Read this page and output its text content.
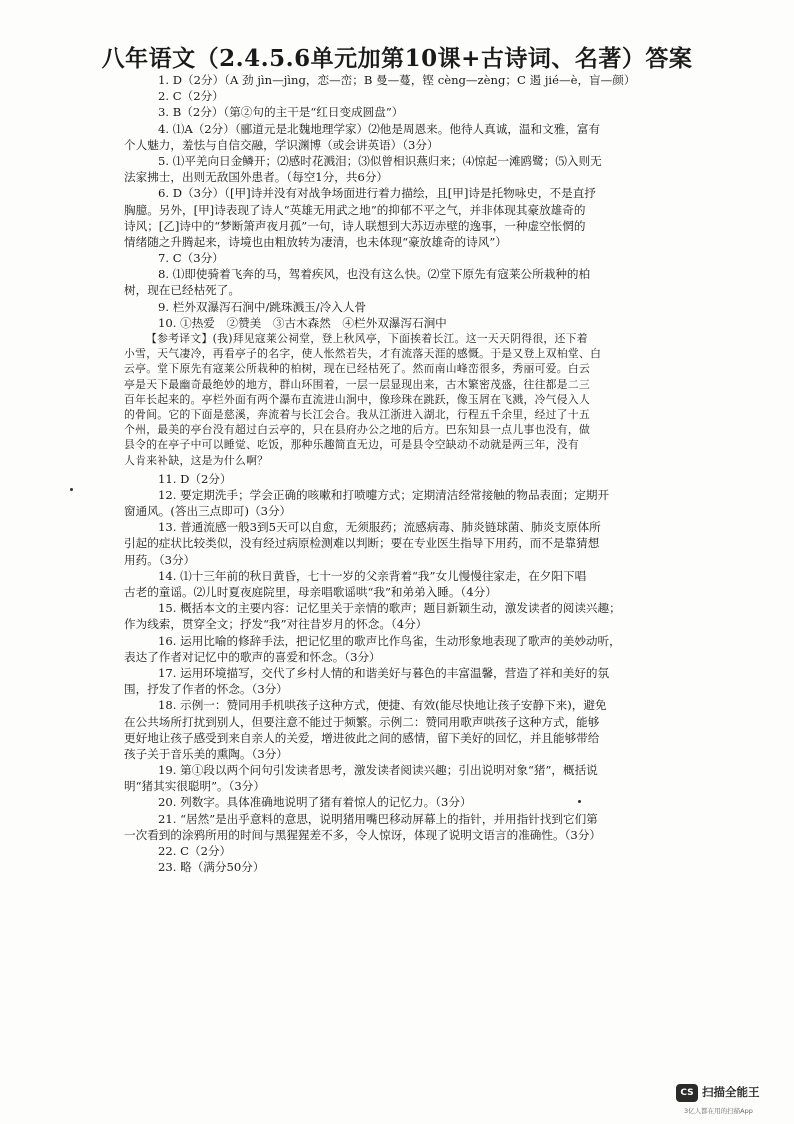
八年语文（2.4.5.6单元加第10课+古诗词、名著）答案
1. D（2分）（A 劲 jìn—jìng，恋—峦；B 曼—蔓，铿 cèng—zèng；C 遏 jié—è，盲—颜）
2. C（2分）
3. B（2分）（第②句的主干是“红日变成圆盘”）
4. ⑴A（2分）（郦道元是北魏地理学家）⑵他是周恩来。他待人真诚，温和文雅，富有
个人魅力，羞怯与自信交融，学识渊博（或会讲英语）（3分）
5. ⑴平羌向日金鳞开；⑵感时花溅泪；⑶似曾相识燕归来；⑷惊起一滩鸥鹭；⑸入则无
法家拂士，出则无敌国外患者。（每空1分，共6分）
6. D（3分）（[甲]诗并没有对战争场面进行着力描绘，且[甲]诗是托物咏史，不是直抒
胸臆。另外，[甲]诗表现了诗人“英雄无用武之地”的抑郁不平之气，并非体现其豪放雄奇的
诗风；[乙]诗中的“梦断箫声夜月孤”一句，诗人联想到大苏迈赤壁的逸事，一种虚空怅惘的
情绪随之升腾起来，诗境也由粗放转为凄清，也未体现“豪放雄奇的诗风”）
7. C（3分）
8. ⑴即使骑着飞奔的马，驾着疾风，也没有这么快。⑵堂下原先有寇莱公所栽种的柏
树，现在已经枯死了。
9. 栏外双瀑泻石涧中/跳珠溅玉/冷入人骨
10. ①热爱　②赞美　③古木森然　④栏外双瀑泻石涧中
【参考译文】(我)拜见寇莱公祠堂，登上秋风亭，下面挨着长江。这一天天阴得很，还下着
小雪，天气凄冷，再看亭子的名字，使人怅然若失，才有流落天涯的感慨。于是又登上双柏堂、白
云亭。堂下原先有寇莱公所栽种的柏树，现在已经枯死了。然而南山峰峦很多，秀丽可爱。白云
亭是天下最幽奇最绝妙的地方，群山环围着，一层一层显现出来，古木繁密茂盛，往往都是二三
百年长起来的。亭栏外面有两个瀑布直流进山涧中，像珍珠在跳跃，像玉屑在飞溅，冷气侵入人
的骨间。它的下面是慈溪，奔流着与长江会合。我从江浙进入湖北，行程五千余里，经过了十五
个州，最美的亭台没有超过白云亭的，只在县府办公之地的后方。巴东知县一点儿事也没有，做
县令的在亭子中可以睡觉、吃饭，那种乐趣简直无边，可是县令空缺动不动就是两三年，没有
人肯来补缺，这是为什么啊？
11. D（2分）
12. 要定期洗手；学会正确的咳嗽和打喷嚏方式；定期清洁经常接触的物品表面；定期开
窗通风。(答出三点即可)（3分）
13. 普通流感一般3到5天可以自愈，无须服药；流感病毒、肺炎链球菌、肺炎支原体所
引起的症状比较类似，没有经过病原检测难以判断；要在专业医生指导下用药，而不是靠猜想
用药。（3分）
14. ⑴十三年前的秋日黄昏，七十一岁的父亲背着“我”女儿慢慢往家走，在夕阳下唱
古老的童谣。⑵儿时夏夜庭院里，母亲唱歌谣哄“我”和弟弟入睡。（4分）
15. 概括本文的主要内容：记忆里关于亲情的歌声；题目新颖生动，激发读者的阅读兴趣；
作为线索，贯穿全文；抒发“我”对往昔岁月的怀念。（4分）
16. 运用比喻的修辞手法，把记忆里的歌声比作鸟雀，生动形象地表现了歌声的美妙动听，
表达了作者对记忆中的歌声的喜爱和怀念。（3分）
17. 运用环境描写，交代了乡村人情的和谐美好与暮色的丰富温馨，营造了祥和美好的氛
围，抒发了作者的怀念。（3分）
18. 示例一：赞同用手机哄孩子这种方式，便捷、有效(能尽快地让孩子安静下来)，避免
在公共场所打扰到别人，但要注意不能过于频繁。示例二：赞同用歌声哄孩子这种方式，能够
更好地让孩子感受到来自亲人的关爱，增进彼此之间的感情，留下美好的回忆，并且能够带给
孩子关于音乐美的熏陶。（3分）
19. 第①段以两个问句引发读者思考，激发读者阅读兴趣；引出说明对象“猪”，概括说
明“猪其实很聪明”。（3分）
20. 列数字。具体准确地说明了猪有着惊人的记忆力。（3分）
21. “居然”是出乎意料的意思，说明猪用嘴巴移动屏幕上的指针，并用指针找到它们第
一次看到的涂鸦所用的时间与黑猩猩差不多，令人惊讶，体现了说明文语言的准确性。（3分）
22. C（2分）
23. 略（满分50分）
CS 扫描全能王
3亿人都在用的扫描App
